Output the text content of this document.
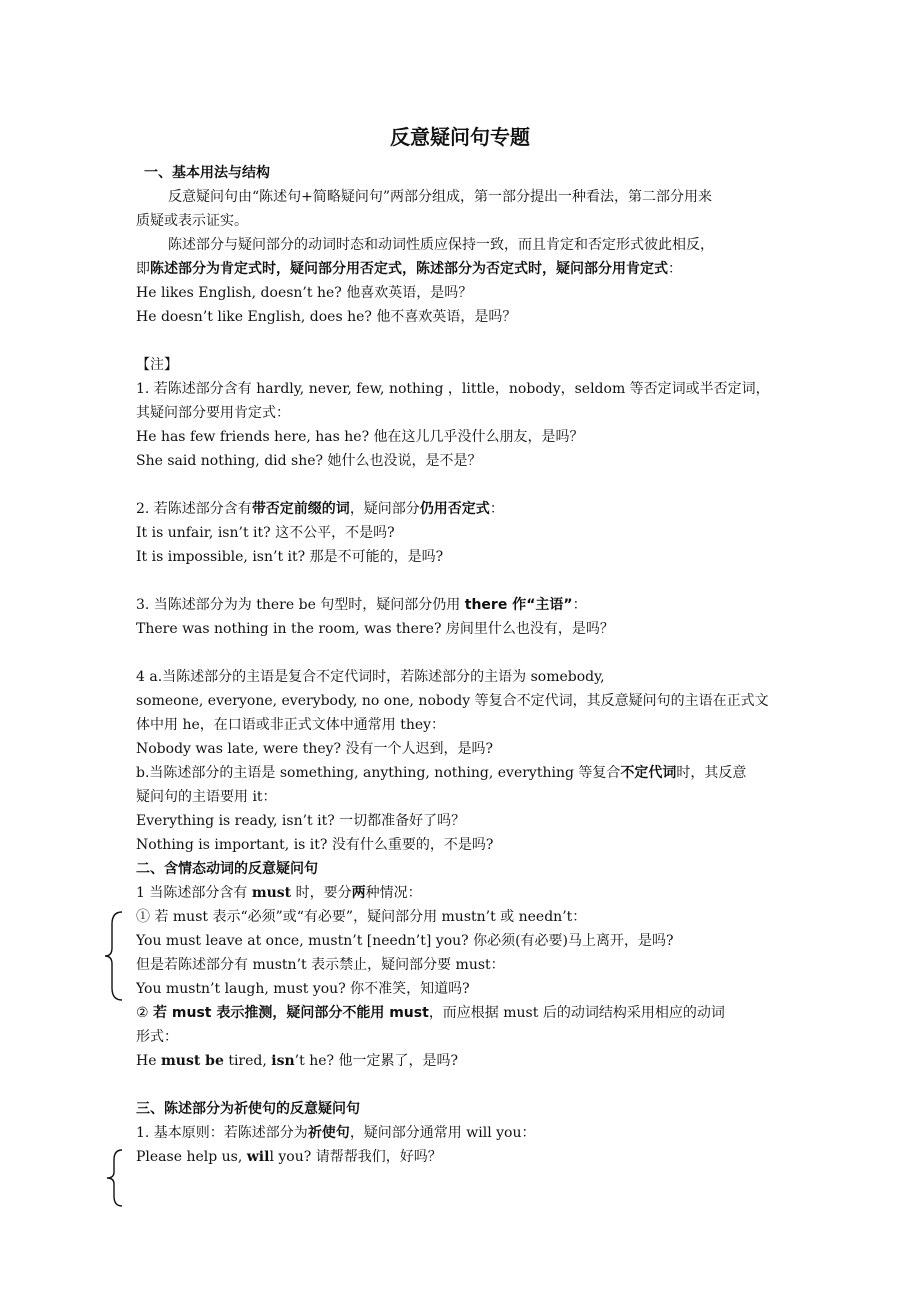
反意疑问句专题
一、基本用法与结构
反意疑问句由“陈述句+简略疑问句”两部分组成，第一部分提出一种看法，第二部分用来
质疑或表示证实。
陈述部分与疑问部分的动词时态和动词性质应保持一致，而且肯定和否定形式彼此相反，
即陈述部分为肯定式时，疑问部分用否定式，陈述部分为否定式时，疑问部分用肯定式：
He likes English, doesn’t he? 他喜欢英语，是吗？
He doesn’t like English, does he? 他不喜欢英语，是吗？
【注】
1. 若陈述部分含有 hardly, never, few, nothing ，little，nobody，seldom 等否定词或半否定词，
其疑问部分要用肯定式：
He has few friends here, has he? 他在这儿几乎没什么朋友，是吗？
She said nothing, did she? 她什么也没说，是不是？
2. 若陈述部分含有带否定前缀的词，疑问部分仍用否定式：
It is unfair, isn’t it? 这不公平，不是吗?
It is impossible, isn’t it? 那是不可能的，是吗?
3. 当陈述部分为为 there be 句型时，疑问部分仍用 there 作“主语”：
There was nothing in the room, was there? 房间里什么也没有，是吗？
4 a.当陈述部分的主语是复合不定代词时，若陈述部分的主语为 somebody,
someone, everyone, everybody, no one, nobody 等复合不定代词，其反意疑问句的主语在正式文
体中用 he，在口语或非正式文体中通常用 they：
Nobody was late, were they? 没有一个人迟到，是吗?
b.当陈述部分的主语是 something, anything, nothing, everything 等复合不定代词时，其反意
疑问句的主语要用 it：
Everything is ready, isn’t it? 一切都准备好了吗？
Nothing is important, is it? 没有什么重要的，不是吗?
二、含情态动词的反意疑问句
1 当陈述部分含有 must 时，要分两种情况：
① 若 must 表示“必须”或“有必要”，疑问部分用 mustn’t 或 needn’t：
You must leave at once, mustn’t [needn’t] you? 你必须(有必要)马上离开，是吗?
但是若陈述部分有 mustn’t 表示禁止，疑问部分要 must：
You mustn’t laugh, must you? 你不准笑，知道吗?
② 若 must 表示推测，疑问部分不能用 must，而应根据 must 后的动词结构采用相应的动词
形式：
He must be tired, isn’t he? 他一定累了，是吗?
三、陈述部分为祈使句的反意疑问句
1. 基本原则：若陈述部分为祈使句，疑问部分通常用 will you：
Please help us, will you? 请帮帮我们，好吗？
